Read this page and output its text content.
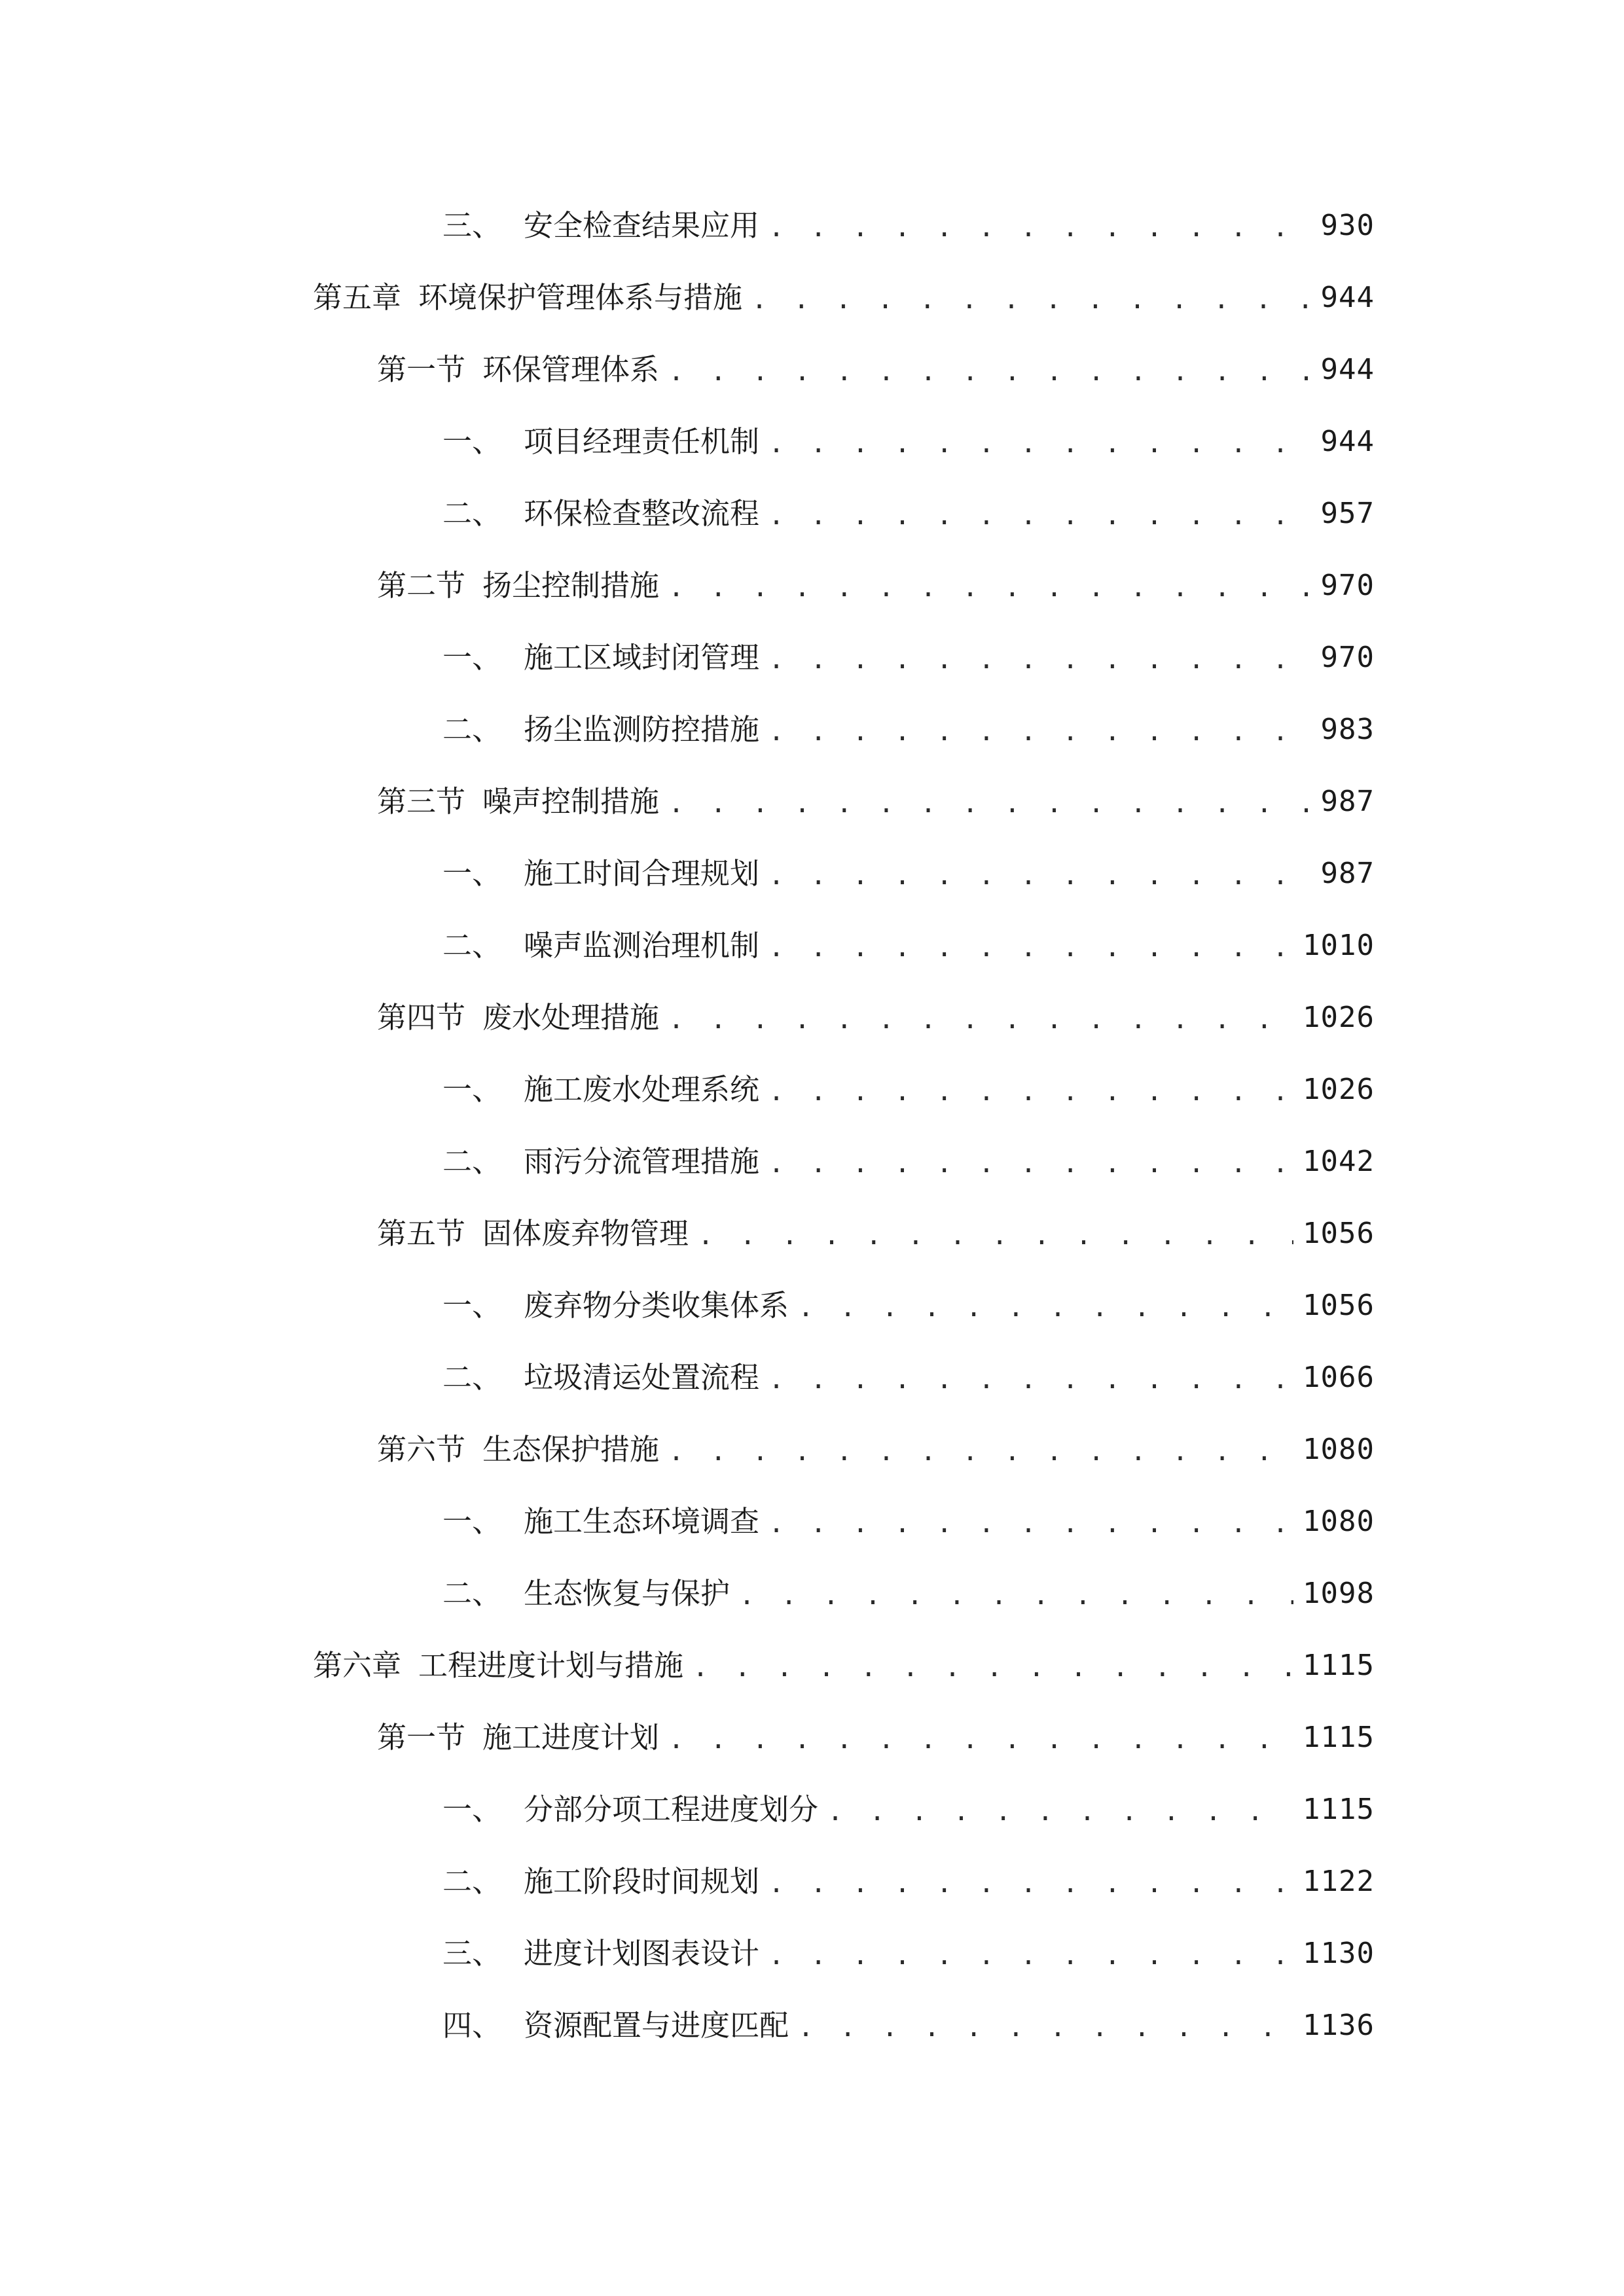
三、 安全检查结果应用 . . .	930
第五章 环境保护管理体系与措施 . . .	944
第一节 环保管理体系 . . .	944
一、 项目经理责任机制 . . .	944
二、 环保检查整改流程 . . .	957
第二节 扬尘控制措施 . . .	970
一、 施工区域封闭管理 . . .	970
二、 扬尘监测防控措施 . . .	983
第三节 噪声控制措施 . . .	987
一、 施工时间合理规划 . . .	987
二、 噪声监测治理机制 . . .	1010
第四节 废水处理措施 . . .	1026
一、 施工废水处理系统 . . .	1026
二、 雨污分流管理措施 . . .	1042
第五节 固体废弃物管理 . . .	1056
一、 废弃物分类收集体系 . . .	1056
二、 垃圾清运处置流程 . . .	1066
第六节 生态保护措施 . . .	1080
一、 施工生态环境调查 . . .	1080
二、 生态恢复与保护 . . .	1098
第六章 工程进度计划与措施 . . .	1115
第一节 施工进度计划 . . .	1115
一、 分部分项工程进度划分 . . .	1115
二、 施工阶段时间规划 . . .	1122
三、 进度计划图表设计 . . .	1130
四、 资源配置与进度匹配 . . .	1136
